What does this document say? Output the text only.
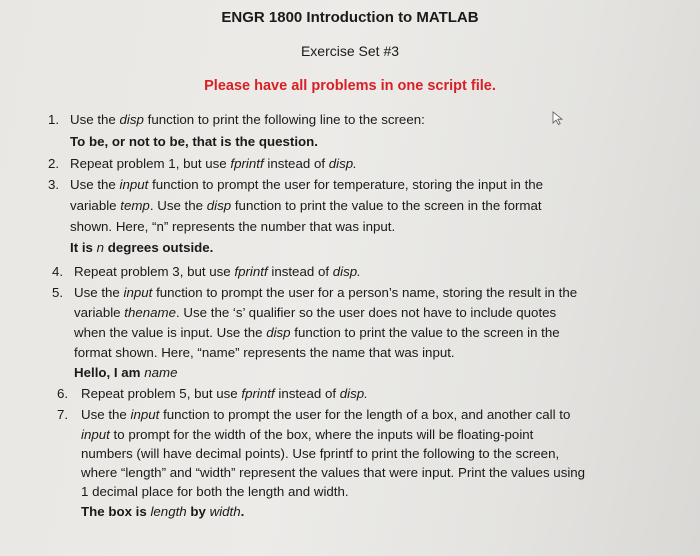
ENGR 1800 Introduction to MATLAB
Exercise Set #3
Please have all problems in one script file.
1. Use the disp function to print the following line to the screen:
To be, or not to be, that is the question.
2. Repeat problem 1, but use fprintf instead of disp.
3. Use the input function to prompt the user for temperature, storing the input in the
variable temp. Use the disp function to print the value to the screen in the format
shown. Here, “n” represents the number that was input.
It is n degrees outside.
4. Repeat problem 3, but use fprintf instead of disp.
5. Use the input function to prompt the user for a person’s name, storing the result in the
variable thename. Use the ‘s’ qualifier so the user does not have to include quotes
when the value is input. Use the disp function to print the value to the screen in the
format shown. Here, “name” represents the name that was input.
Hello, I am name
6. Repeat problem 5, but use fprintf instead of disp.
7. Use the input function to prompt the user for the length of a box, and another call to
input to prompt for the width of the box, where the inputs will be floating-point
numbers (will have decimal points). Use fprintf to print the following to the screen,
where “length” and “width” represent the values that were input. Print the values using
1 decimal place for both the length and width.
The box is length by width.
